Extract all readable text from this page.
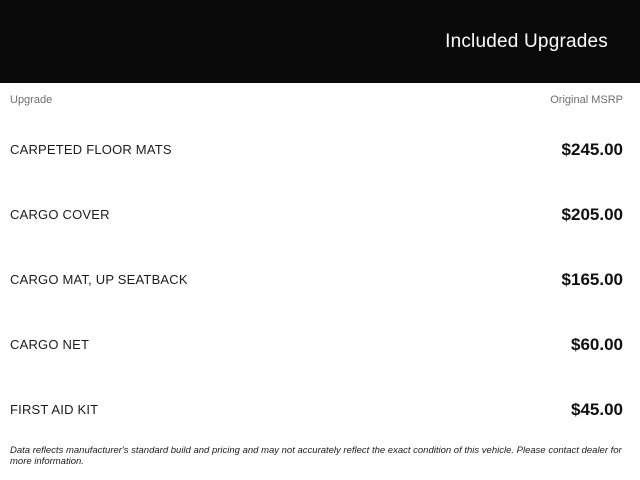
Included Upgrades
Upgrade	Original MSRP
CARPETED FLOOR MATS	$245.00
CARGO COVER	$205.00
CARGO MAT, UP SEATBACK	$165.00
CARGO NET	$60.00
FIRST AID KIT	$45.00

Data reflects manufacturer's standard build and pricing and may not accurately reflect the exact condition of this vehicle. Please contact dealer for more information.
